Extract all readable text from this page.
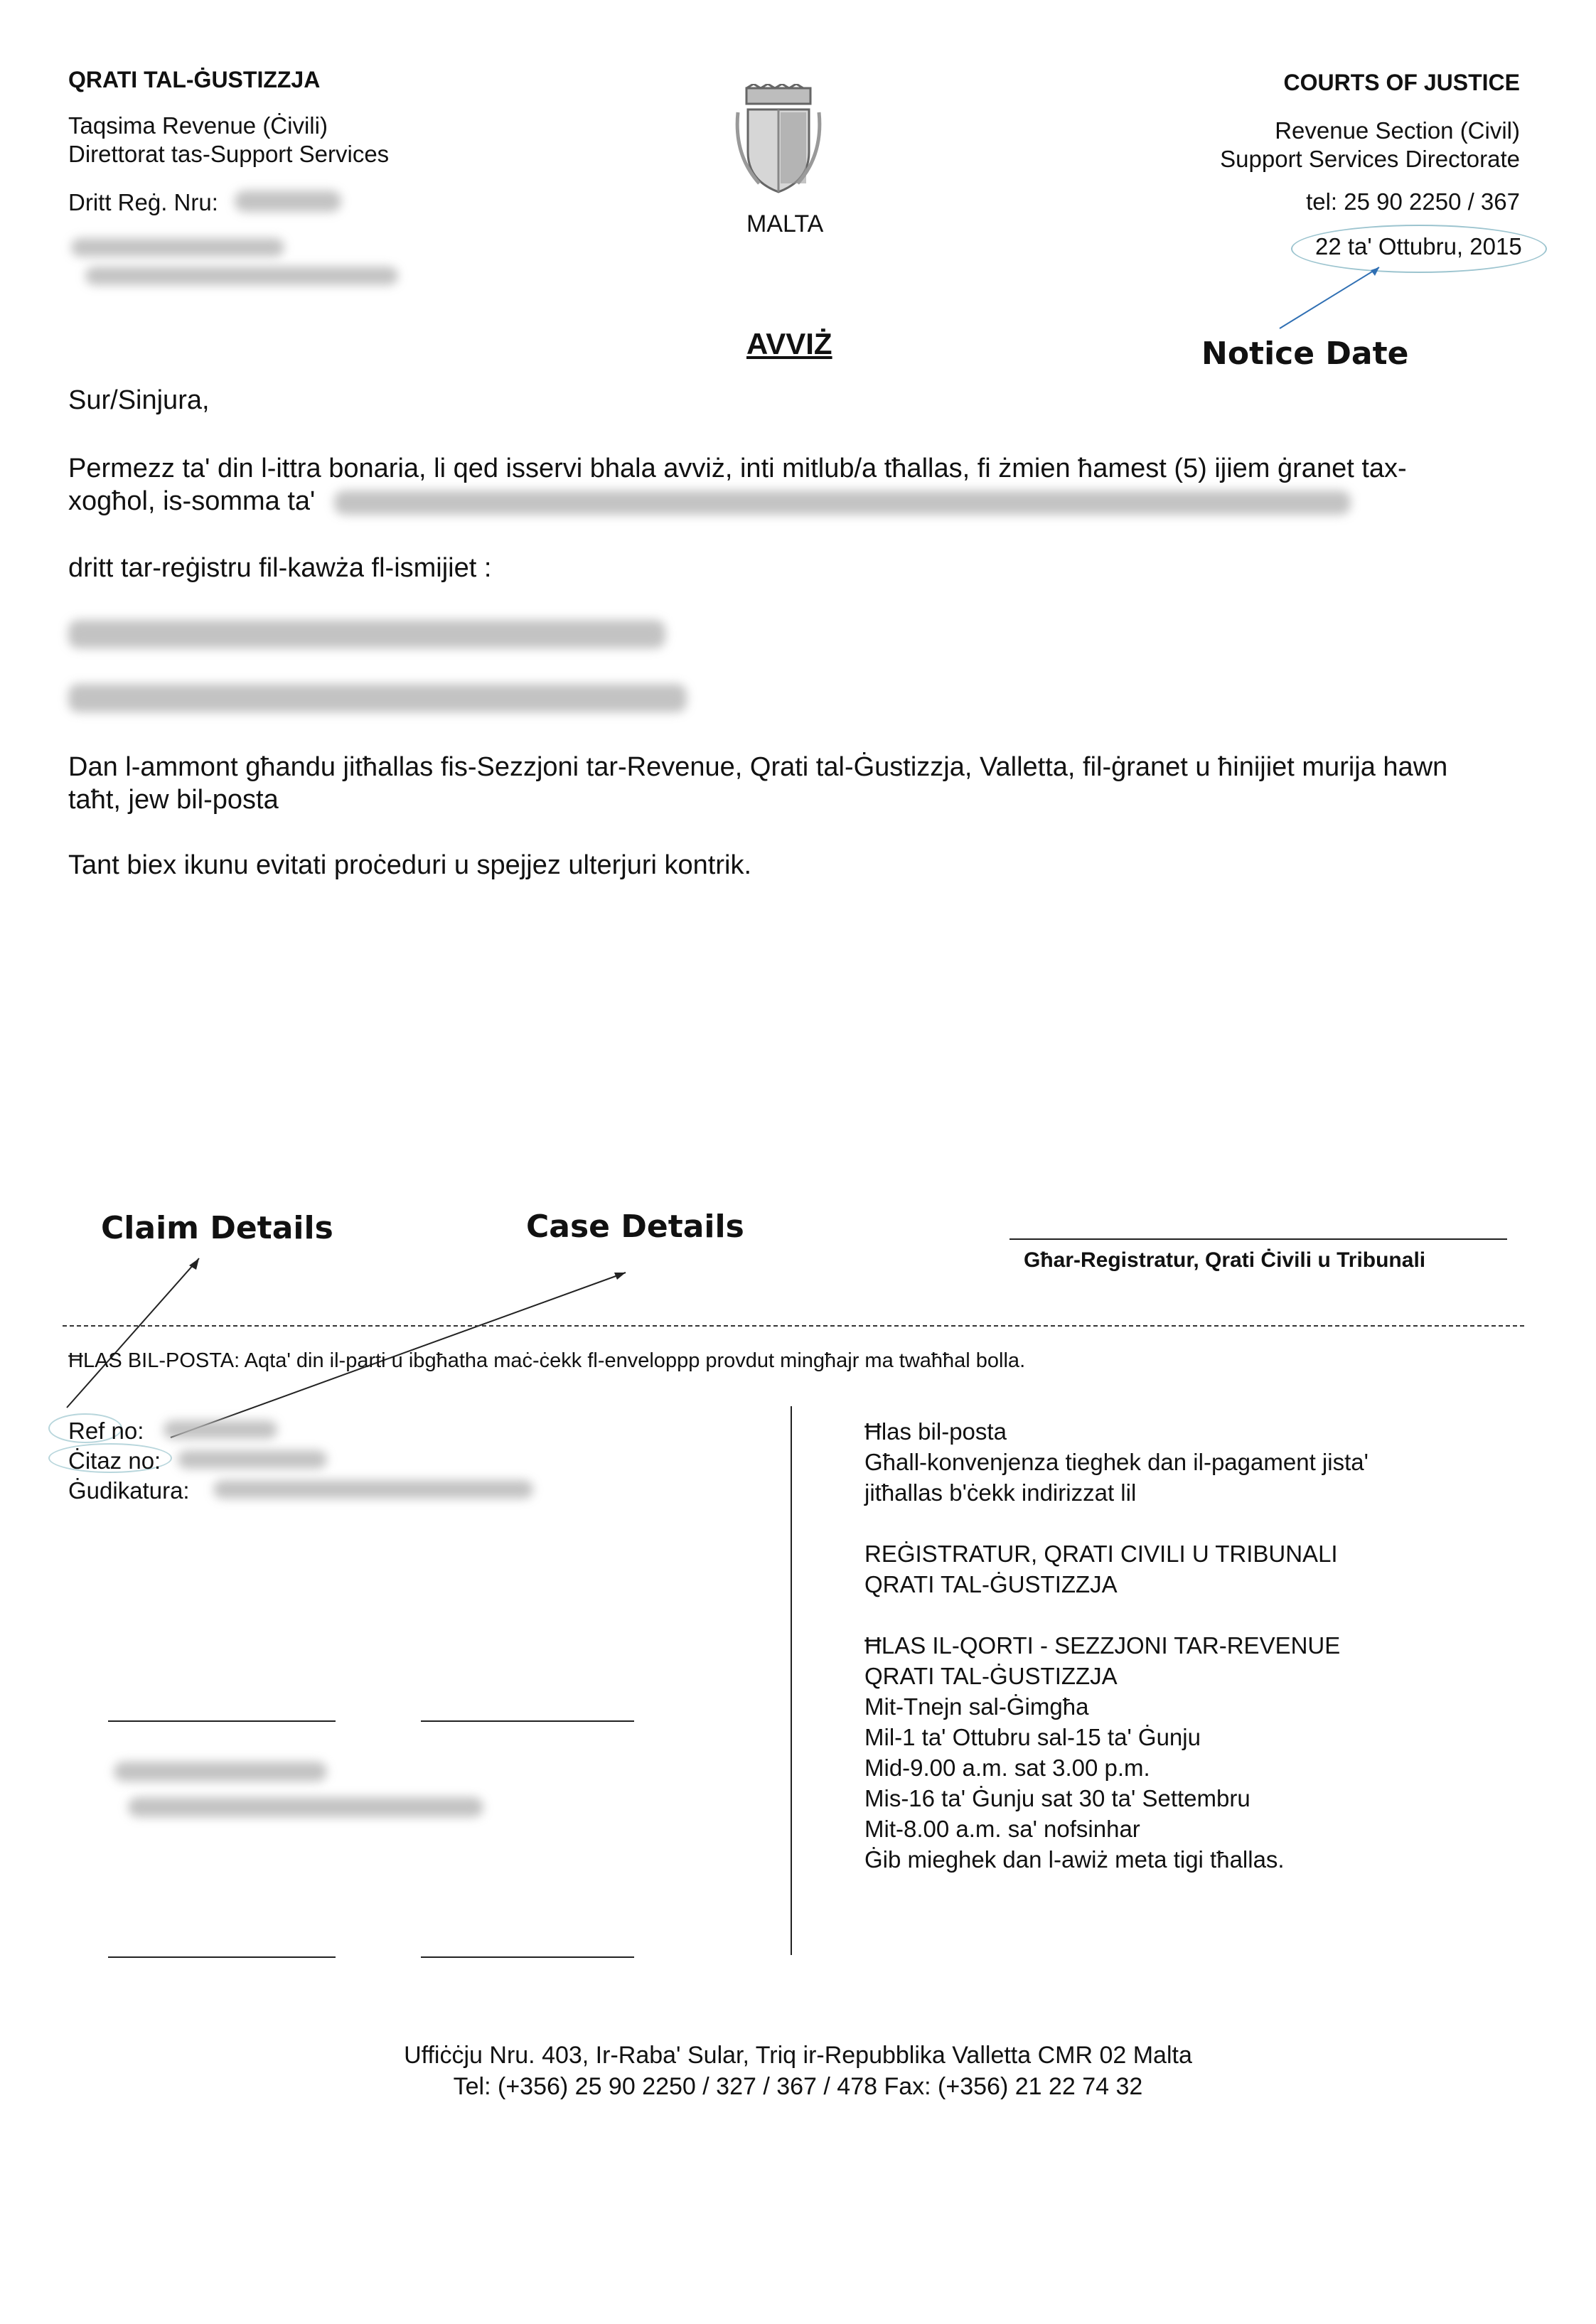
QRATI TAL-ĠUSTIZZJA
Taqsima Revenue (Ċivili)
Direttorat tas-Support Services
Dritt Reġ. Nru:
MALTA
COURTS OF JUSTICE
Revenue Section (Civil)
Support Services Directorate
tel: 25 90 2250 / 367
22 ta' Ottubru, 2015
Notice Date
AVVIŻ
Sur/Sinjura,
Permezz ta' din l-ittra bonaria, li qed isservi bhala avviż, inti mitlub/a tħallas, fi żmien ħamest (5) ijiem ġranet tax-
xogħol, is-somma ta'
dritt tar-reġistru fil-kawża fl-ismijiet :
Dan l-ammont għandu jitħallas fis-Sezzjoni tar-Revenue, Qrati tal-Ġustizzja, Valletta, fil-ġranet u ħinijiet murija hawn
taħt, jew bil-posta
Tant biex ikunu evitati proċeduri u spejjez ulterjuri kontrik.
Claim Details	Case Details
Għar-Registratur, Qrati Ċivili u Tribunali
ĦLAS BIL-POSTA: Aqta' din il-parti u ibgħatha maċ-ċekk fl-enveloppp provdut mingħajr ma twaħħal bolla.
Ref no:
Ċitaz no:
Ġudikatura:
Ħlas bil-posta
Għall-konvenjenza tieghek dan il-pagament jista'
jitħallas b'ċekk indirizzat lil
REĠISTRATUR, QRATI CIVILI U TRIBUNALI
QRATI TAL-ĠUSTIZZJA
ĦLAS IL-QORTI - SEZZJONI TAR-REVENUE
QRATI TAL-ĠUSTIZZJA
Mit-Tnejn sal-Ġimgħa
Mil-1 ta' Ottubru sal-15 ta' Ġunju
Mid-9.00 a.m. sat 3.00 p.m.
Mis-16 ta' Ġunju sat 30 ta' Settembru
Mit-8.00 a.m. sa' nofsinhar
Ġib mieghek dan l-awiż meta tigi tħallas.
Uffiċċju Nru. 403, Ir-Raba' Sular, Triq ir-Repubblika Valletta CMR 02 Malta
Tel: (+356) 25 90 2250 / 327 / 367 / 478 Fax: (+356) 21 22 74 32
